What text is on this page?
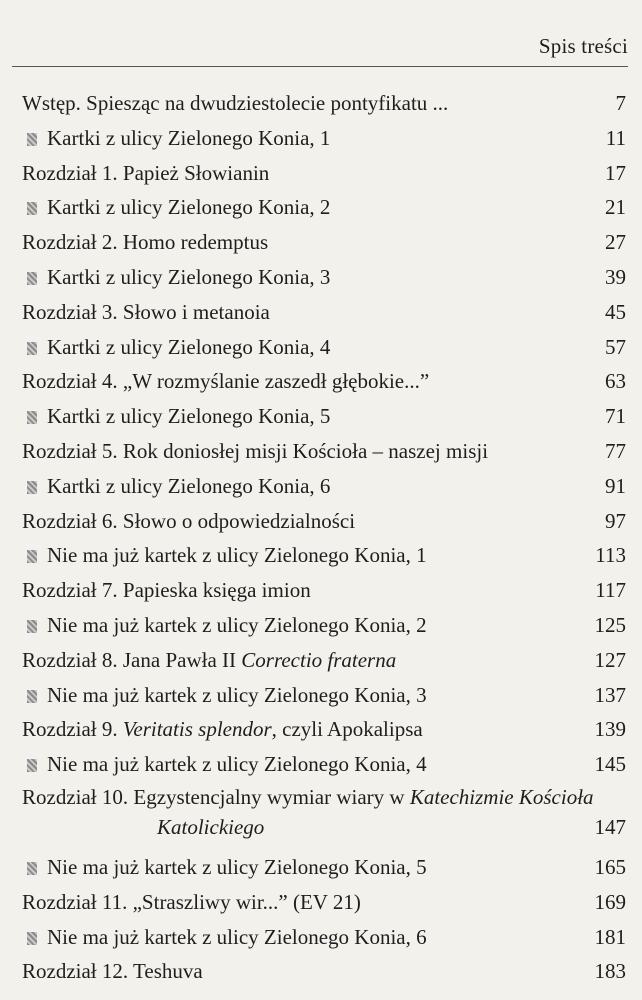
Spis treści
Wstęp. Spiesząc na dwudziestolecie pontyfikatu ...	7
Kartki z ulicy Zielonego Konia, 1	11
Rozdział 1. Papież Słowianin	17
Kartki z ulicy Zielonego Konia, 2	21
Rozdział 2. Homo redemptus	27
Kartki z ulicy Zielonego Konia, 3	39
Rozdział 3. Słowo i metanoia	45
Kartki z ulicy Zielonego Konia, 4	57
Rozdział 4. „W rozmyślanie zaszedł głębokie...”	63
Kartki z ulicy Zielonego Konia, 5	71
Rozdział 5. Rok doniosłej misji Kościoła – naszej misji	77
Kartki z ulicy Zielonego Konia, 6	91
Rozdział 6. Słowo o odpowiedzialności	97
Nie ma już kartek z ulicy Zielonego Konia, 1	113
Rozdział 7. Papieska księga imion	117
Nie ma już kartek z ulicy Zielonego Konia, 2	125
Rozdział 8. Jana Pawła II Correctio fraterna	127
Nie ma już kartek z ulicy Zielonego Konia, 3	137
Rozdział 9. Veritatis splendor, czyli Apokalipsa	139
Nie ma już kartek z ulicy Zielonego Konia, 4	145
Rozdział 10. Egzystencjalny wymiar wiary w Katechizmie Kościoła
Katolickiego	147
Nie ma już kartek z ulicy Zielonego Konia, 5	165
Rozdział 11. „Straszliwy wir...” (EV 21)	169
Nie ma już kartek z ulicy Zielonego Konia, 6	181
Rozdział 12. Teshuva	183
